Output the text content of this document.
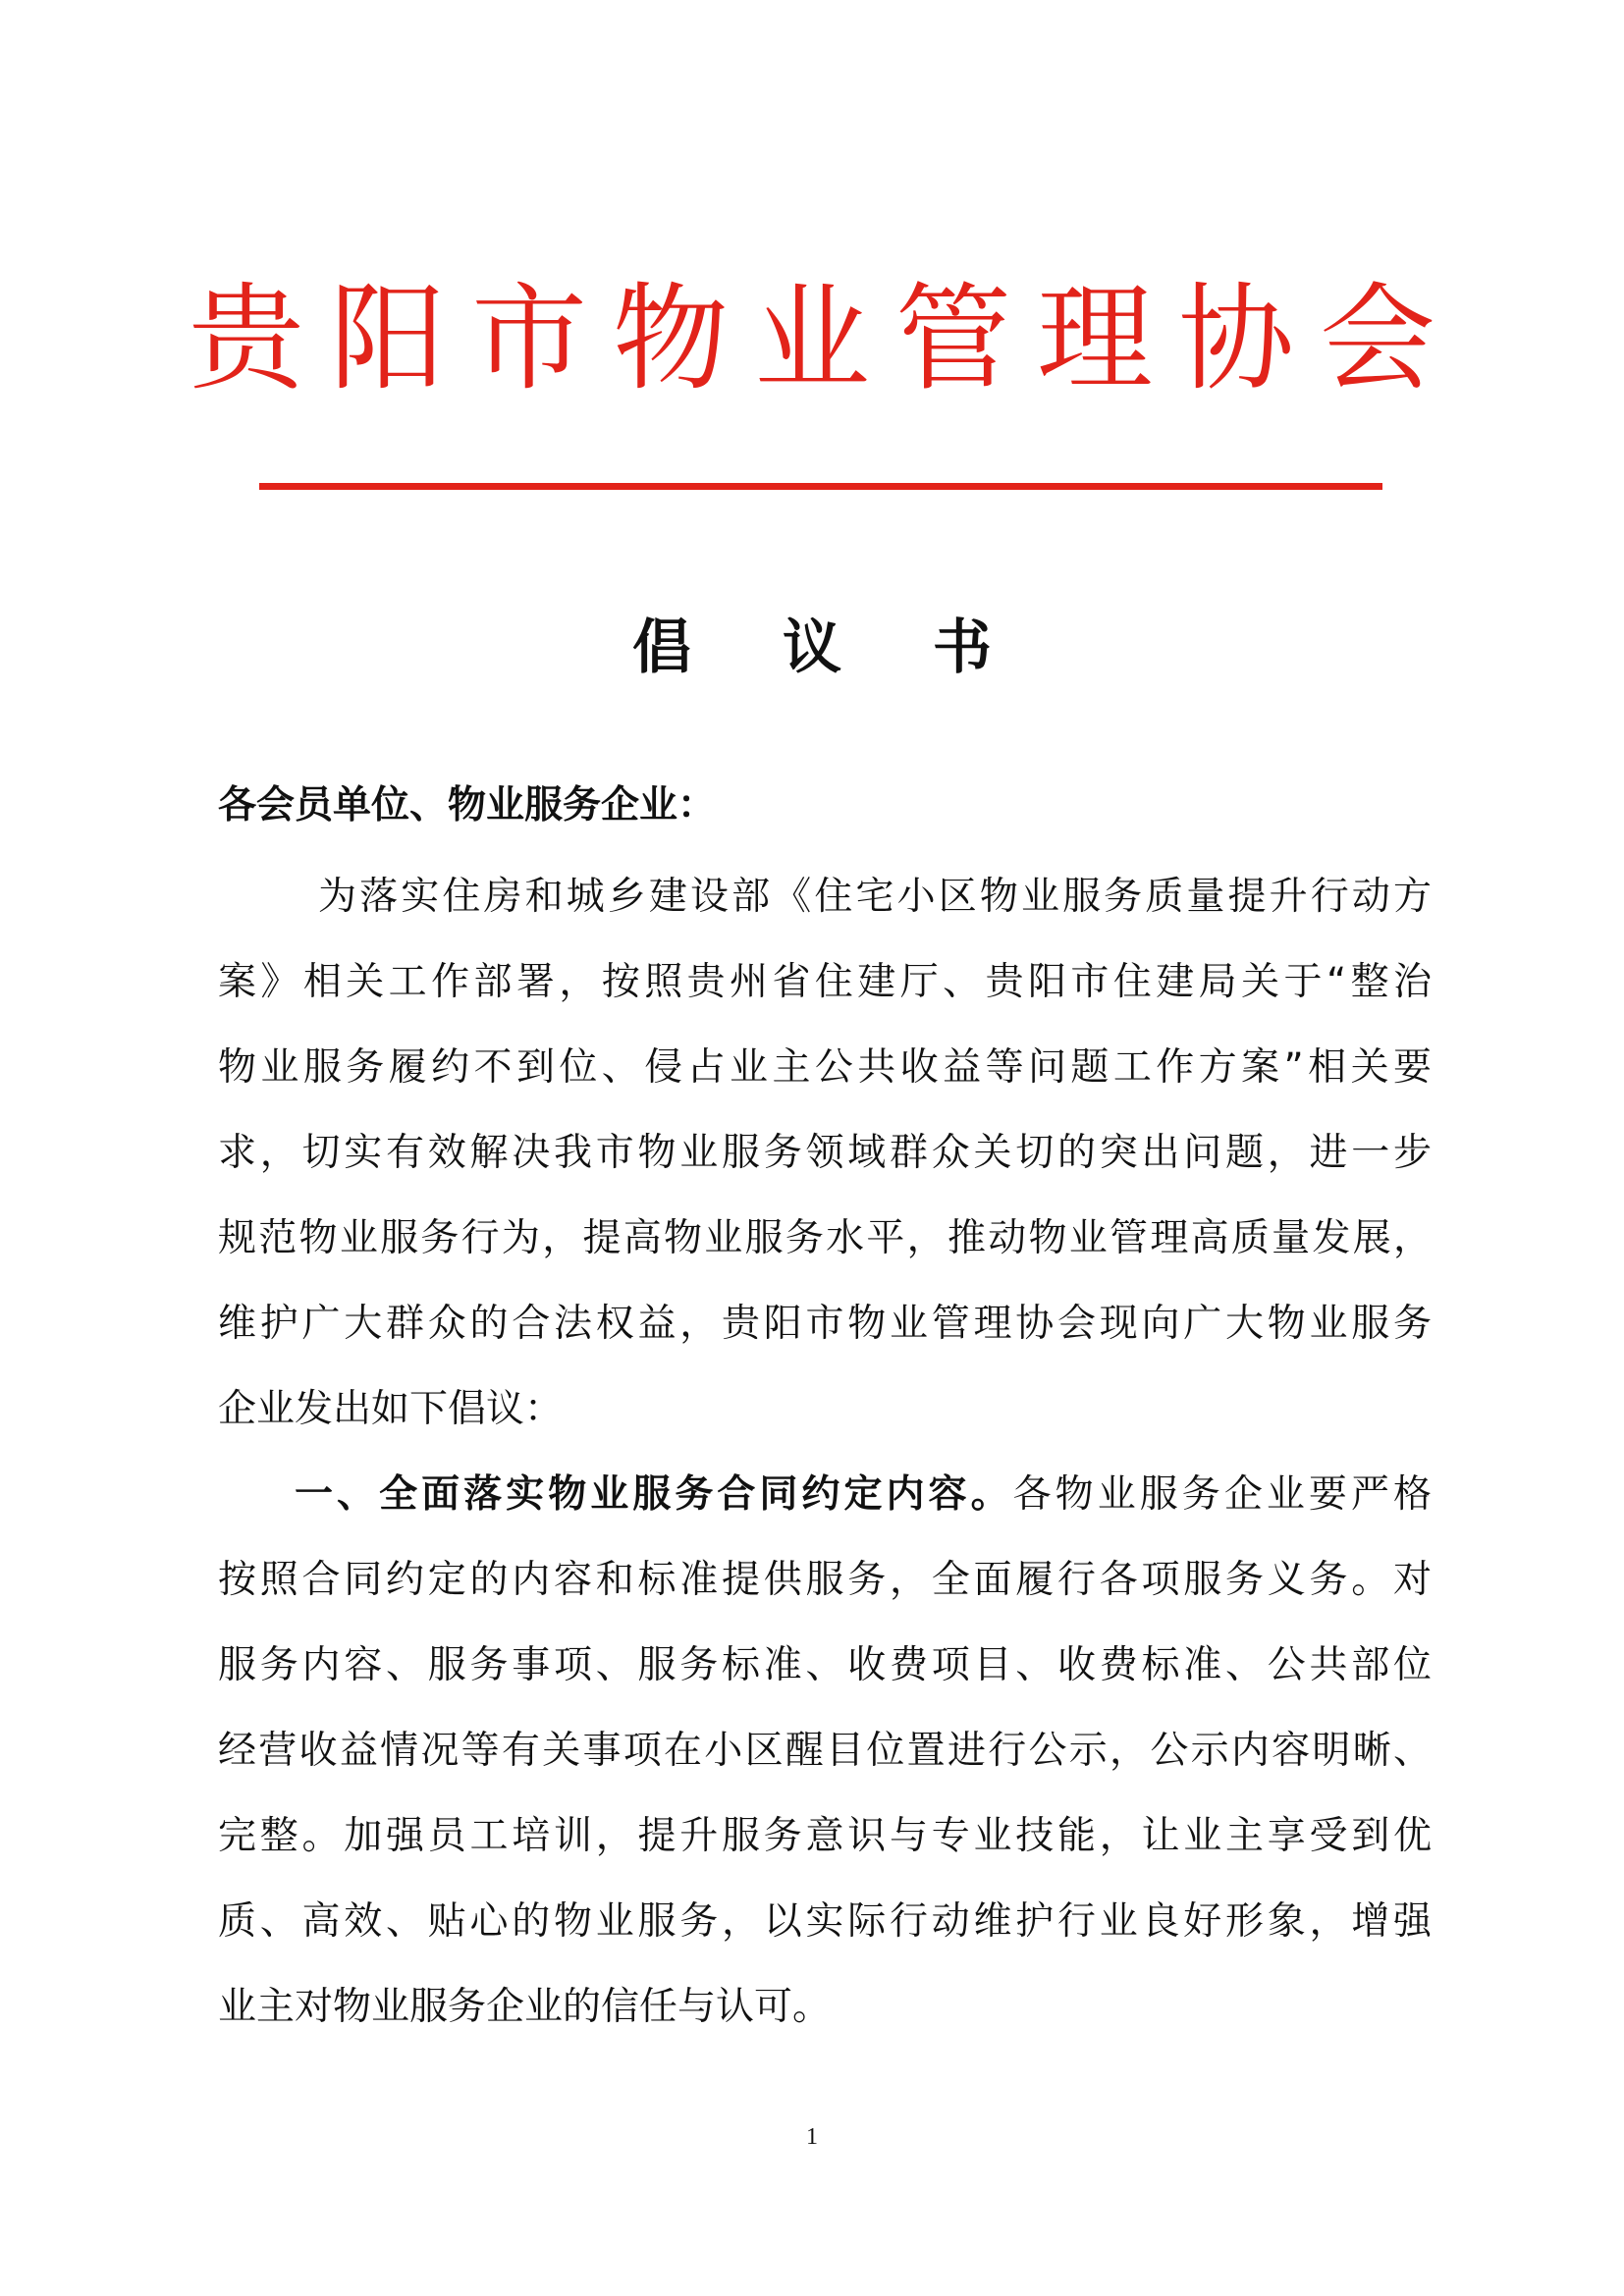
贵阳市物业管理协会
倡 议 书
各会员单位、物业服务企业：
为落实住房和城乡建设部《住宅小区物业服务质量提升行动方
案》相关工作部署，按照贵州省住建厅、贵阳市住建局关于“整治
物业服务履约不到位、侵占业主公共收益等问题工作方案”相关要
求，切实有效解决我市物业服务领域群众关切的突出问题，进一步
规范物业服务行为，提高物业服务水平，推动物业管理高质量发展，
维护广大群众的合法权益，贵阳市物业管理协会现向广大物业服务
企业发出如下倡议：
一、全面落实物业服务合同约定内容。各物业服务企业要严格
按照合同约定的内容和标准提供服务，全面履行各项服务义务。对
服务内容、服务事项、服务标准、收费项目、收费标准、公共部位
经营收益情况等有关事项在小区醒目位置进行公示，公示内容明晰、
完整。加强员工培训，提升服务意识与专业技能，让业主享受到优
质、高效、贴心的物业服务，以实际行动维护行业良好形象，增强
业主对物业服务企业的信任与认可。
1
